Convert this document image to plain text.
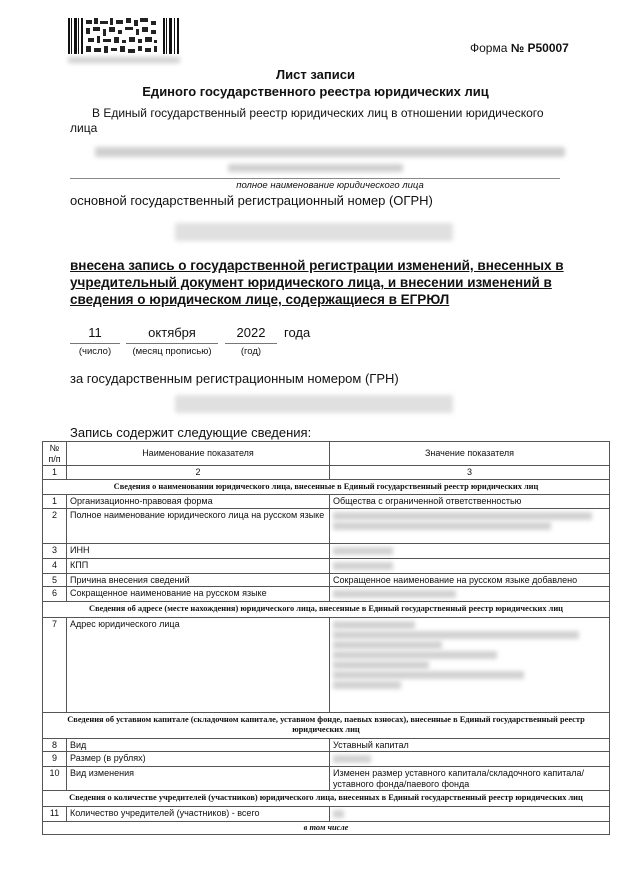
Форма № Р50007
Лист записи
Единого государственного реестра юридических лиц
В Единый государственный реестр юридических лиц в отношении юридического лица
полное наименование юридического лица
основной государственный регистрационный номер (ОГРН)
внесена запись о государственной регистрации изменений, внесенных в учредительный документ юридического лица, и внесении изменений в сведения о юридическом лице, содержащиеся в ЕГРЮЛ
11
(число)
октября
(месяц прописью)
2022
(год)
года
за государственным регистрационным номером (ГРН)
Запись содержит следующие сведения:
№ п/п	Наименование показателя	Значение показателя
1	2	3
Сведения о наименовании юридического лица, внесенные в Единый государственный реестр юридических лиц		
1	Организационно-правовая форма	Общества с ограниченной ответственностью
2	Полное наименование юридического лица на русском языке	

3	ИНН	

4	КПП	

5	Причина внесения сведений	Сокращенное наименование на русском языке добавлено
6	Сокращенное наименование на русском языке	

Сведения об адресе (месте нахождения) юридического лица, внесенные в Единый государственный реестр юридических лиц		
7	Адрес юридического лица	

Сведения об уставном капитале (складочном капитале, уставном фонде, паевых взносах), внесенные в Единый государственный реестр юридических лиц		
8	Вид	Уставный капитал
9	Размер (в рублях)	

10	Вид изменения	Изменен размер уставного капитала/складочного капитала/уставного фонда/паевого фонда
Сведения о количестве учредителей (участников) юридического лица, внесенных в Единый государственный реестр юридических лиц		
11	Количество учредителей (участников) - всего	

в том числе		
